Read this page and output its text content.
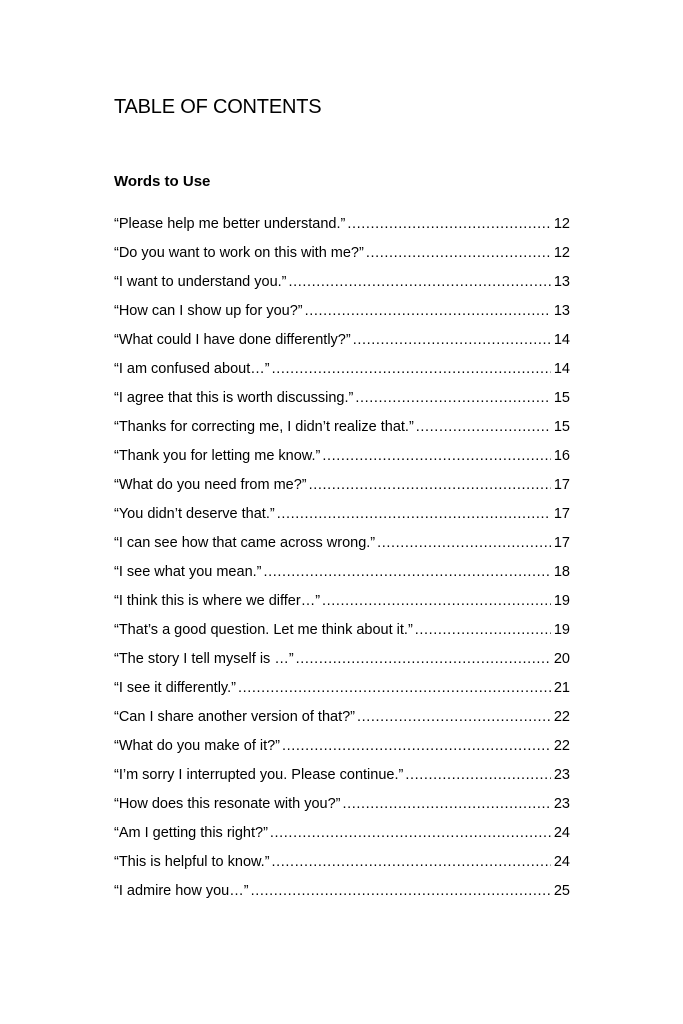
TABLE OF CONTENTS
Words to Use
“Please help me better understand.” .....	12
“Do you want to work on this with me?” .....	12
“I want to understand you.” .....	13
“How can I show up for you?” .....	13
“What could I have done differently?” .....	14
“I am confused about…” .....	14
“I agree that this is worth discussing.” .....	15
“Thanks for correcting me, I didn’t realize that.” .....	15
“Thank you for letting me know.” .....	16
“What do you need from me?” .....	17
“You didn’t deserve that.” .....	17
“I can see how that came across wrong.” .....	17
“I see what you mean.” .....	18
“I think this is where we differ…” .....	19
“That’s a good question. Let me think about it.” .....	19
“The story I tell myself is …” .....	20
“I see it differently.” .....	21
“Can I share another version of that?” .....	22
“What do you make of it?” .....	22
“I’m sorry I interrupted you. Please continue.” .....	23
“How does this resonate with you?” .....	23
“Am I getting this right?” .....	24
“This is helpful to know.” .....	24
“I admire how you…” .....	25
